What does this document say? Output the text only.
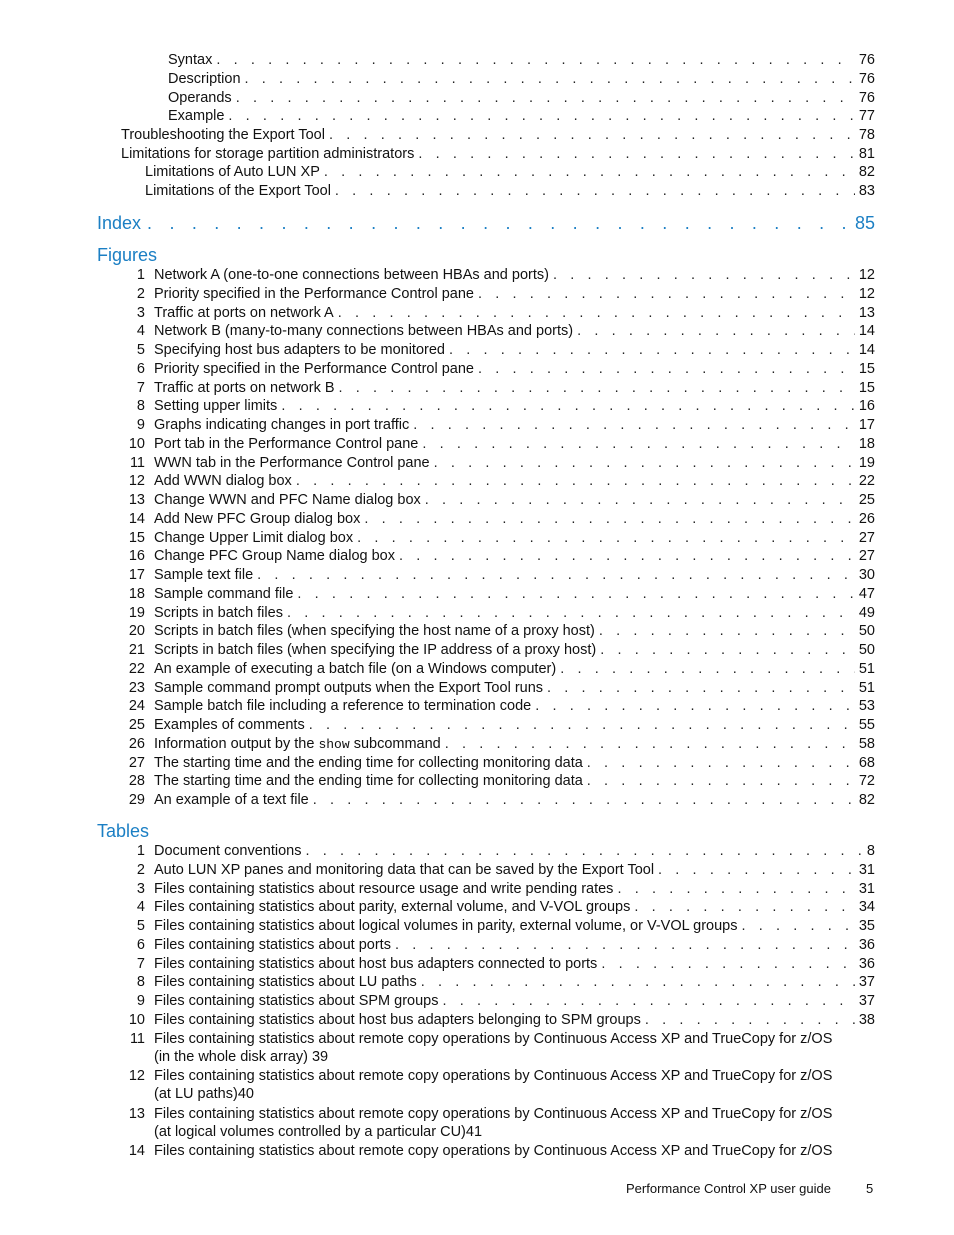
Syntax . . .	76
Description . . .	76
Operands . . .	76
Example . . .	77
Troubleshooting the Export Tool . . .	78
Limitations for storage partition administrators . . .	81
Limitations of Auto LUN XP . . .	82
Limitations of the Export Tool . . .	83
Index . . .	85
Figures
1 Network A (one-to-one connections between HBAs and ports) . . .	12
2 Priority specified in the Performance Control pane . . .	12
3 Traffic at ports on network A . . .	13
4 Network B (many-to-many connections between HBAs and ports) . . .	14
5 Specifying host bus adapters to be monitored . . .	14
6 Priority specified in the Performance Control pane . . .	15
7 Traffic at ports on network B . . .	15
8 Setting upper limits . . .	16
9 Graphs indicating changes in port traffic . . .	17
10 Port tab in the Performance Control pane . . .	18
11 WWN tab in the Performance Control pane . . .	19
12 Add WWN dialog box . . .	22
13 Change WWN and PFC Name dialog box . . .	25
14 Add New PFC Group dialog box . . .	26
15 Change Upper Limit dialog box . . .	27
16 Change PFC Group Name dialog box . . .	27
17 Sample text file . . .	30
18 Sample command file . . .	47
19 Scripts in batch files . . .	49
20 Scripts in batch files (when specifying the host name of a proxy host) . . .	50
21 Scripts in batch files (when specifying the IP address of a proxy host) . . .	50
22 An example of executing a batch file (on a Windows computer) . . .	51
23 Sample command prompt outputs when the Export Tool runs . . .	51
24 Sample batch file including a reference to termination code . . .	53
25 Examples of comments . . .	55
26 Information output by the show subcommand . . .	58
27 The starting time and the ending time for collecting monitoring data . . .	68
28 The starting time and the ending time for collecting monitoring data . . .	72
29 An example of a text file . . .	82
Tables
1 Document conventions . . .	8
2 Auto LUN XP panes and monitoring data that can be saved by the Export Tool . . .	31
3 Files containing statistics about resource usage and write pending rates . . .	31
4 Files containing statistics about parity, external volume, and V-VOL groups . . .	34
5 Files containing statistics about logical volumes in parity, external volume, or V-VOL groups . . .	35
6 Files containing statistics about ports . . .	36
7 Files containing statistics about host bus adapters connected to ports . . .	36
8 Files containing statistics about LU paths . . .	37
9 Files containing statistics about SPM groups . . .	37
10 Files containing statistics about host bus adapters belonging to SPM groups . . .	38
11 Files containing statistics about remote copy operations by Continuous Access XP and TrueCopy for z/OS
(in the whole disk array) 39
12 Files containing statistics about remote copy operations by Continuous Access XP and TrueCopy for z/OS
(at LU paths)40
13 Files containing statistics about remote copy operations by Continuous Access XP and TrueCopy for z/OS
(at logical volumes controlled by a particular CU)41
14 Files containing statistics about remote copy operations by Continuous Access XP and TrueCopy for z/OS
Performance Control XP user guide	5
